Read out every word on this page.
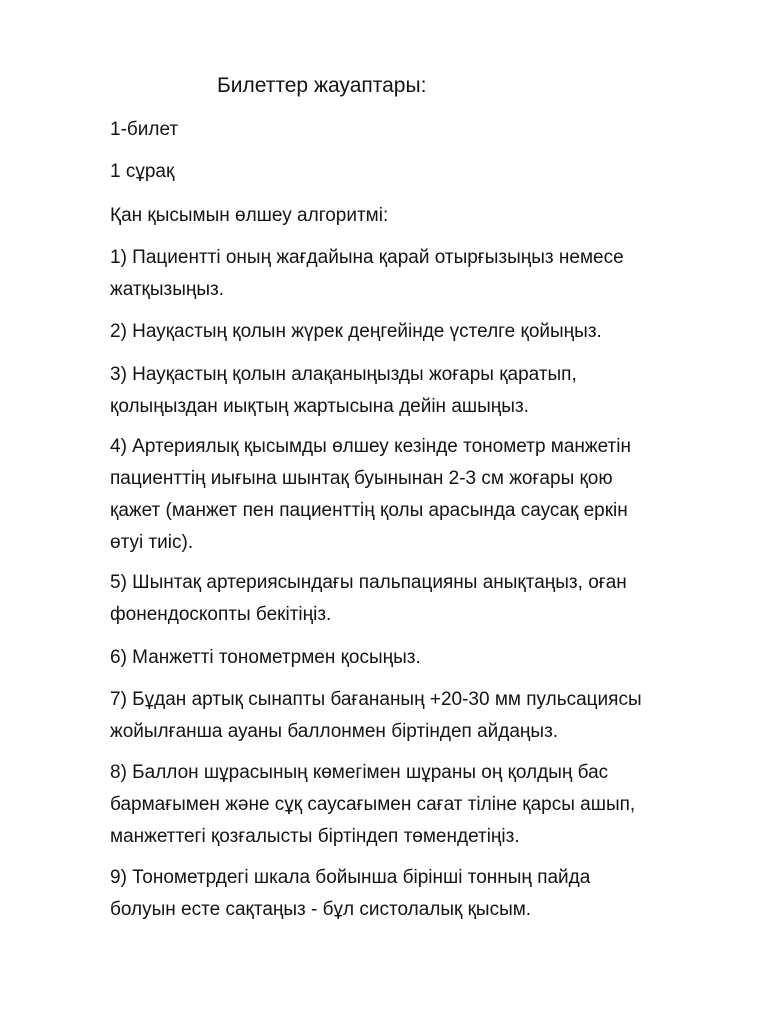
Билеттер жауаптары:

1-билет

1 сұрақ

Қан қысымын өлшеу алгоритмі:

1) Пациентті оның жағдайына қарай отырғызыңыз немесе
жатқызыңыз.
2) Науқастың қолын жүрек деңгейінде үстелге қойыңыз.
3) Науқастың қолын алақаныңызды жоғары қаратып,
қолыңыздан иықтың жартысына дейін ашыңыз.
4) Артериялық қысымды өлшеу кезінде тонометр манжетін
пациенттің иығына шынтақ буынынан 2-3 см жоғары қою
қажет (манжет пен пациенттің қолы арасында саусақ еркін
өтуі тиіс).
5) Шынтақ артериясындағы пальпацияны анықтаңыз, оған
фонендоскопты бекітіңіз.
6) Манжетті тонометрмен қосыңыз.
7) Бұдан артық сынапты бағананың +20-30 мм пульсациясы
жойылғанша ауаны баллонмен біртіндеп айдаңыз.
8) Баллон шұрасының көмегімен шұраны оң қолдың бас
бармағымен және сұқ саусағымен сағат тіліне қарсы ашып,
манжеттегі қозғалысты біртіндеп төмендетіңіз.
9) Тонометрдегі шкала бойынша бірінші тонның пайда
болуын есте сақтаңыз - бұл систолалық қысым.
